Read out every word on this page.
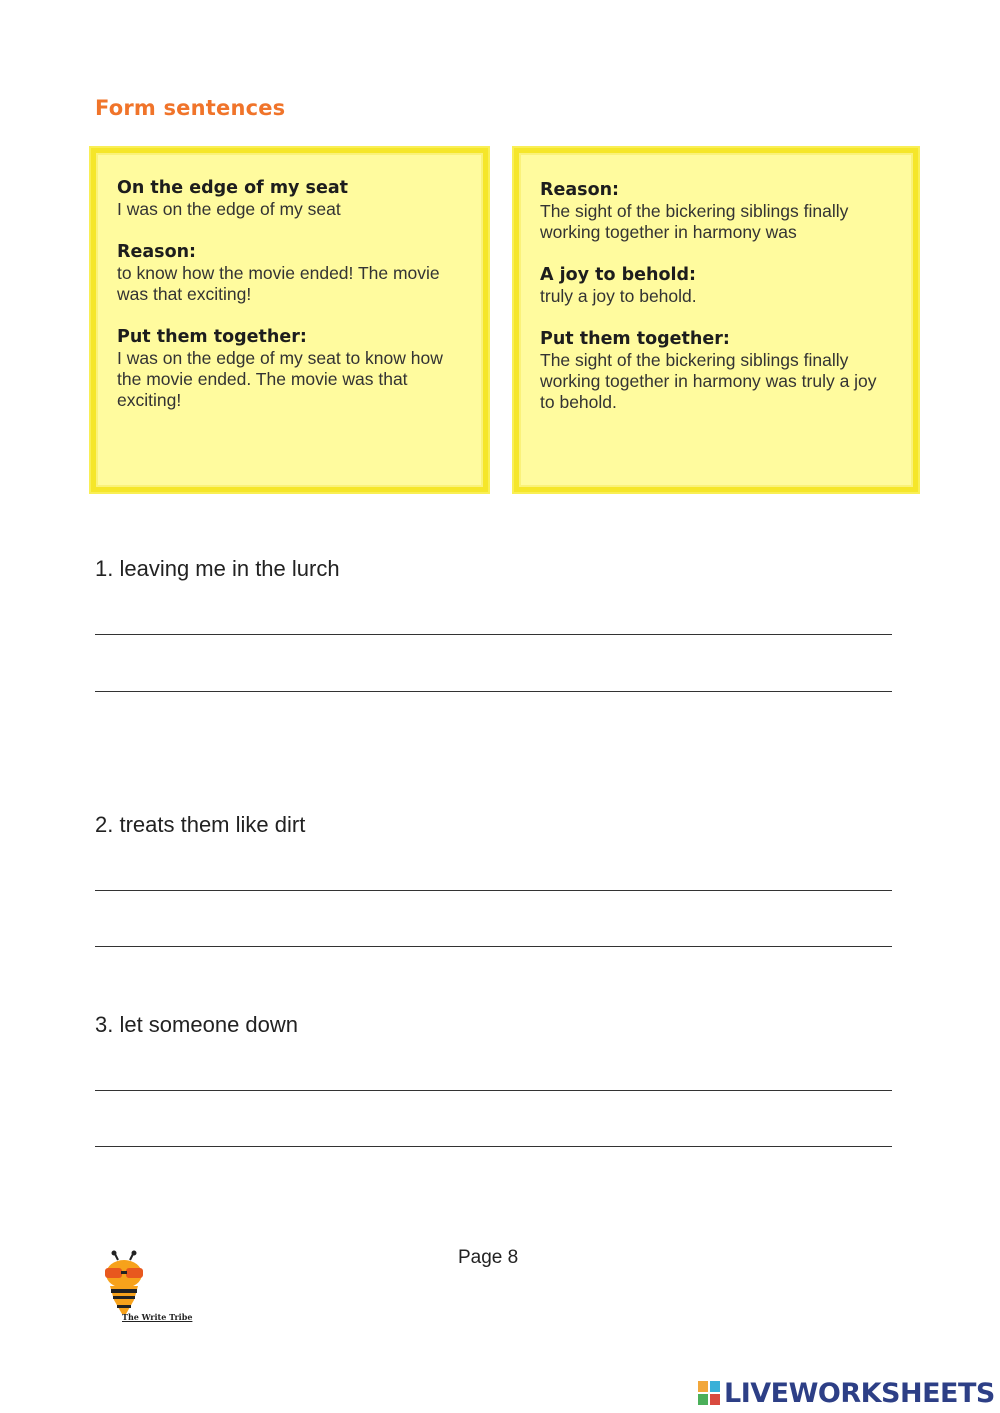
Form sentences
On the edge of my seat

I was on the edge of my seat

Reason:

to know how the movie ended! The movie was that exciting!

Put them together:

I was on the edge of my seat to know how the movie ended. The movie was that exciting!

Reason:

The sight of the bickering siblings finally working together in harmony was

A joy to behold:

truly a joy to behold.

Put them together:

The sight of the bickering siblings finally working together in harmony was truly a joy to behold.

1. leaving me in the lurch

2. treats them like dirt

3. let someone down

The Write Tribe
Page 8
LIVEWORKSHEETS
